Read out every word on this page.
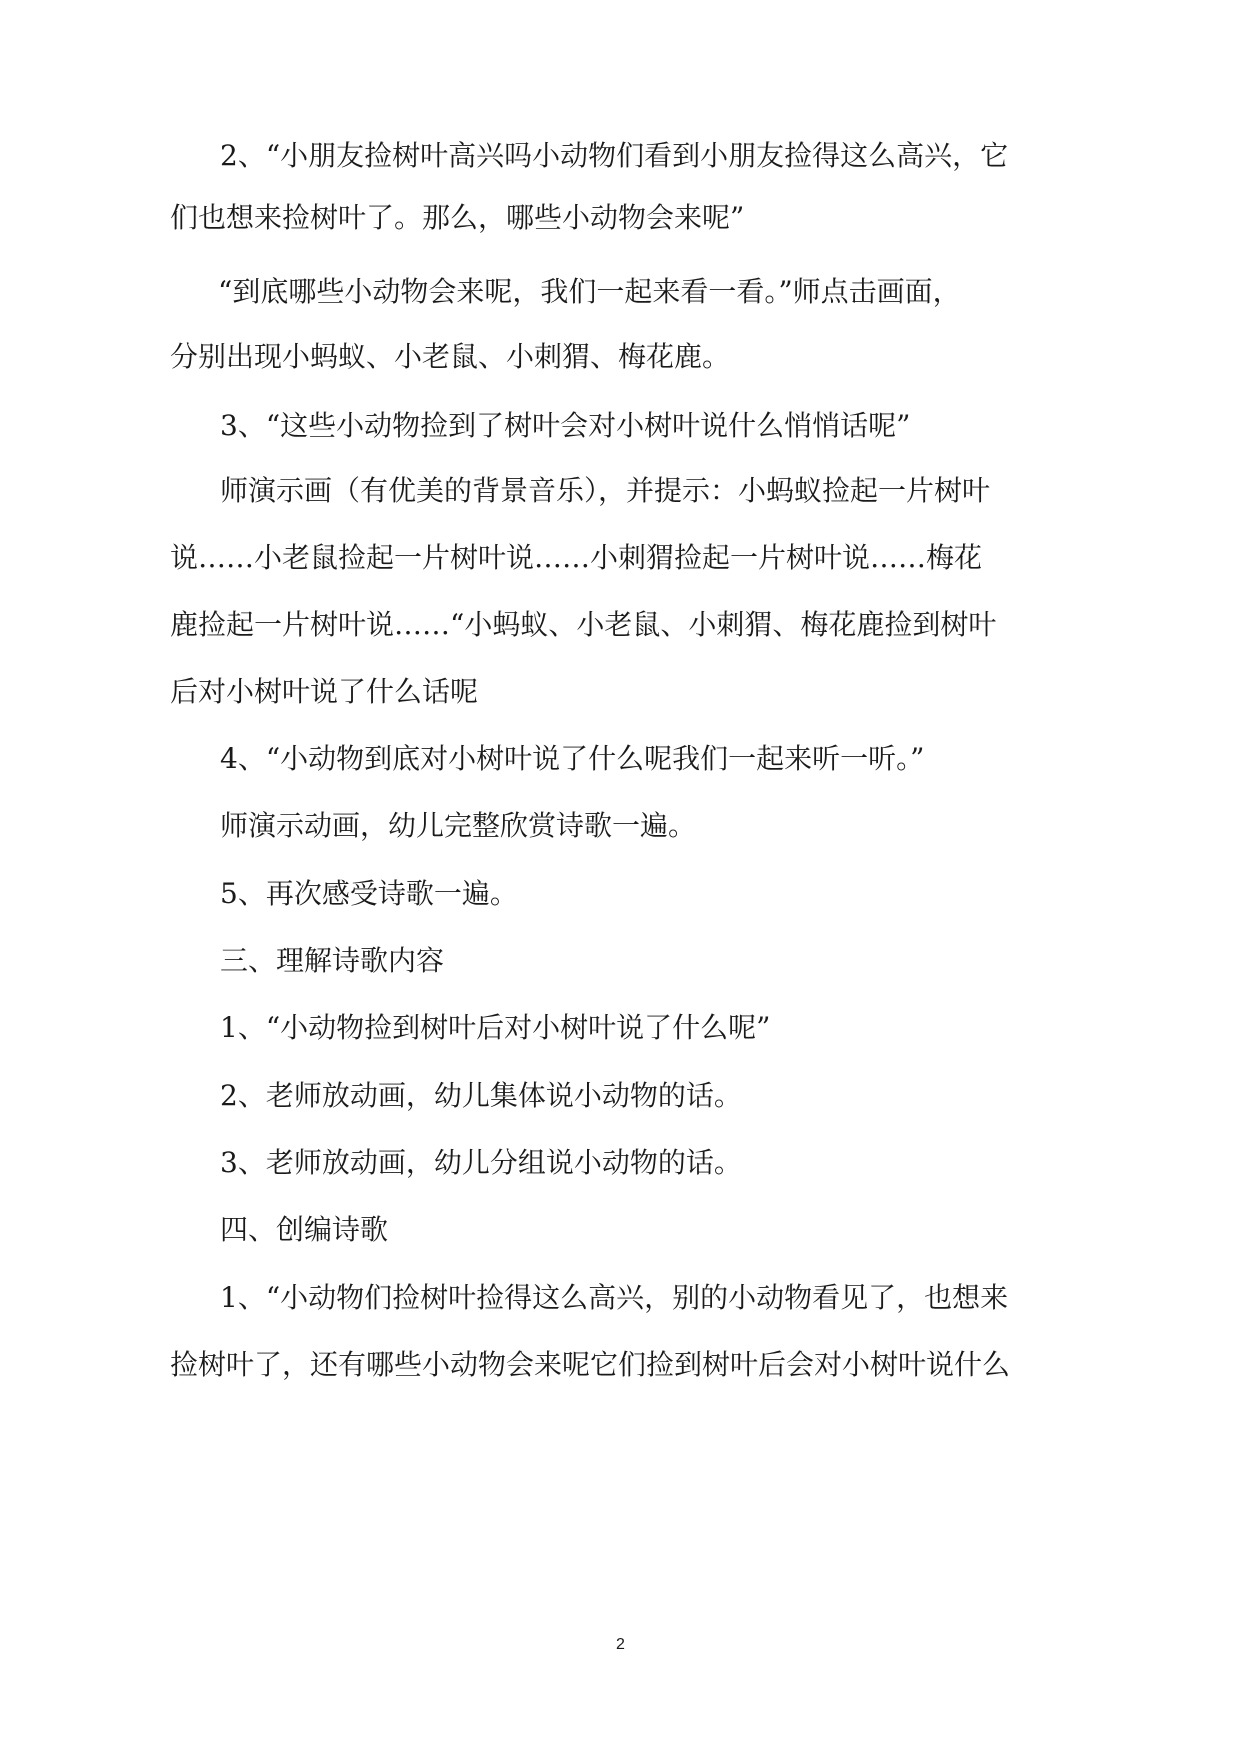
2、“小朋友捡树叶高兴吗小动物们看到小朋友捡得这么高兴，它
们也想来捡树叶了。那么，哪些小动物会来呢”
“到底哪些小动物会来呢，我们一起来看一看。”师点击画面，
分别出现小蚂蚁、小老鼠、小刺猬、梅花鹿。
3、“这些小动物捡到了树叶会对小树叶说什么悄悄话呢”
师演示画（有优美的背景音乐），并提示：小蚂蚁捡起一片树叶
说……小老鼠捡起一片树叶说……小刺猬捡起一片树叶说……梅花
鹿捡起一片树叶说……“小蚂蚁、小老鼠、小刺猬、梅花鹿捡到树叶
后对小树叶说了什么话呢
4、“小动物到底对小树叶说了什么呢我们一起来听一听。”
师演示动画，幼儿完整欣赏诗歌一遍。
5、再次感受诗歌一遍。
三、理解诗歌内容
1、“小动物捡到树叶后对小树叶说了什么呢”
2、老师放动画，幼儿集体说小动物的话。
3、老师放动画，幼儿分组说小动物的话。
四、创编诗歌
1、“小动物们捡树叶捡得这么高兴，别的小动物看见了，也想来
捡树叶了，还有哪些小动物会来呢它们捡到树叶后会对小树叶说什么
2
